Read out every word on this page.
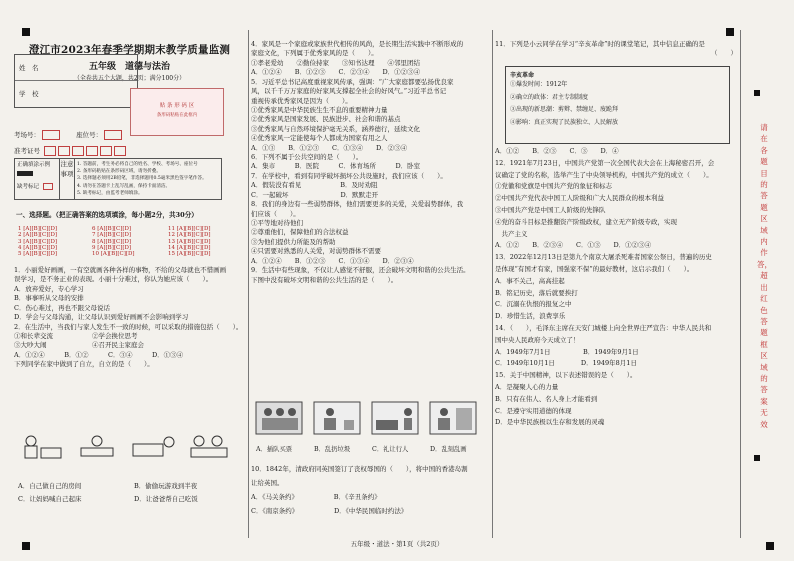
澄江市2023年春季学期期末教学质量监测
五年级　道德与法治
（全卷共五个大题，共2页；满分100分）
姓　名
学　校
贴 条 形 码 区
条形码粘贴在此框内
考场号：	座位号：
准考证号
正确填涂示例
缺考标记
注意事项
1. 答题前，考生务必将自己的姓名、学校、考场号、座位号
2. 条形码粘贴在条形码区域，请勿折叠。
3. 选择题必须用2B铅笔，非选择题用0.5毫米黑色签字笔作答。
4. 请勿在答题卡上乱写乱画，保持卡面清洁。
5. 缺考标记，由监考老师填涂。
一、选择题。（把正确答案的选项填涂，每小题2分，共30分）
1 [A][B][C][D]
2 [A][B][C][D]
3 [A][B][C][D]
4 [A][B][C][D]
5 [A][B][C][D]
6 [A][B][C][D]
7 [A][B][C][D]
8 [A][B][C][D]
9 [A][B][C][D]
10 [A][B][C][D]
11 [A][B][C][D]
12 [A][B][C][D]
13 [A][B][C][D]
14 [A][B][C][D]
15 [A][B][C][D]
1．小丽爱好画画，一有空就画各种各样的事物，不给的父母就也不惜画画
误学习，是不务正业的表现。小丽十分难过，你认为她应该（　　）。
A．放弃爱好，专心学习
B．事事听从父母的安排
C．伤心难过，再也不跟父母说话
D．学会与父母沟通，让父母认识到爱好画画不会影响到学习
2．在生活中，当我们与家人发生不一致的时候，可以采取的措施包括（　　）。
①和长辈交流　　　　　　②学会换位思考
③大吵大闹　　　　　　　④召开民主家庭会
A．①②④　　　B．①②　　　C．③④　　　D．①③④
下列同学在家中做到了自立，自立的是（　　）。
A．自己做自己的房间	B．偷偷玩游戏到半夜
C．让妈妈喊自己起床	D．让爸爸帮自己吃饭
4．家风是一个家庭或家族世代相传的风尚，是长期生活实践中不断形成的
家庭文化，下列属于优秀家风的是（　　）。
①孝老爱幼　　②勤俭持家　　③知书达理　　④邻里团结
A．①②④　　B．①②③　　C．②③④　　D．①②③④
5．习近平总书记高度重视家风传承，强调：“广大家庭都要弘扬优良家
风，以千千万万家庭的好家风支撑起全社会的好风气。”习近平总书记
重视传承优秀家风是因为（　　）。
①优秀家风是中华民族生生不息的重要精神力量
②优秀家风是国家发展、民族进步、社会和谐的基点
③优秀家风与自然环境保护毫无关系，涵养德行，延续文化
④优秀家风一定能使每个人都成为国家有用之人
A．①③　　B．①②③　　C．①③④　　D．②③④
6．下列不属于公共空间的是（　　）。
A．集市　　　B．医院　　　C．体育场所　　　D．卧室
7．在学校中，看到有同学破坏损坏公共设施时，我们应该（　　）。
A．假装没有看见　　　　　　B．及时劝阻
C．一起破坏　　　　　　　　D．默默走开
8．我们的身边有一些弱势群体，他们需要更多的关爱，关爱弱势群体，我
们应该（　　）。
①平等地对待他们
②尊重他们，保障他们的合法权益
③为他们提供力所能及的帮助
④只需要对熟悉的人关爱，对弱势群体不需要
A．①②④　　B．①②③　　C．①③④　　D．②③④
9．生活中有些现象，不仅让人感觉不舒服，还会破坏文明和谐的公共生活。
下图中没有破坏文明和谐的公共生活的是（　　）。
A．插队买票	B．乱扔垃圾	C．礼让行人	D．乱刻乱画
10．1842年，清政府同英国签订了丧权辱国的（　　），将中国的香港岛割
让给英国。
A．《马关条约》　　　　　　B．《辛丑条约》
C．《南京条约》　　　　　　D．《中华民国临时约法》
11．下列是小云同学在学习“辛亥革命”时的课堂笔记，其中信息正确的是
（　　）
辛亥革命
①爆发时间：1912年
②确立的政体：君主专制制度
③出现的新思潮：剪辫、禁缠足、废跪拜
④影响：真正实现了民族独立、人民解放
A．①②　　B．②③　　C．③　　D．④
12．1921年7月23日，中国共产党第一次全国代表大会在上海秘密召开，会
议确定了党的名称，选举产生了中央领导机构，中国共产党的成立（　　）。
①党徽和党旗是中国共产党的象征和标志
②中国共产党代表中国工人阶级和广大人民群众的根本利益
③中国共产党是中国工人阶级的先锋队
④党的奋斗目标是推翻资产阶级政权，建立无产阶级专政，实现
　共产主义
A．①②　　B．②③④　　C．①③　　D．①②③④
13．2022年12月13日是第九个南京大屠杀死难者国家公祭日，普遍的历史
是体现“有国才有家，国强家不保”的最好教材，这启示我们（　　）。
A．事不关己，高高挂起
B．铭记历史，落后就要挨打
C．沉溺在仇恨的报复之中
D．珍惜生活，浪费享乐
14．（　　），毛泽东主席在天安门城楼上向全世界庄严宣告：中华人民共和
国中央人民政府今天成立了！
A．1949年7月1日　　　　　B．1949年9月1日
C．1949年10月1日　　　　D．1949年8月1日
15．关于中国精神，以下表述错误的是（　　）。
A．是凝聚人心的力量
B．只有在伟人、名人身上才能看到
C．是遵守实用道德的体现
D．是中华民族极以生存和发展的灵魂
请在各题目的答题区域内作答，超出红色答题框区域的答案无效
五年级・道法・第1页（共2页）
